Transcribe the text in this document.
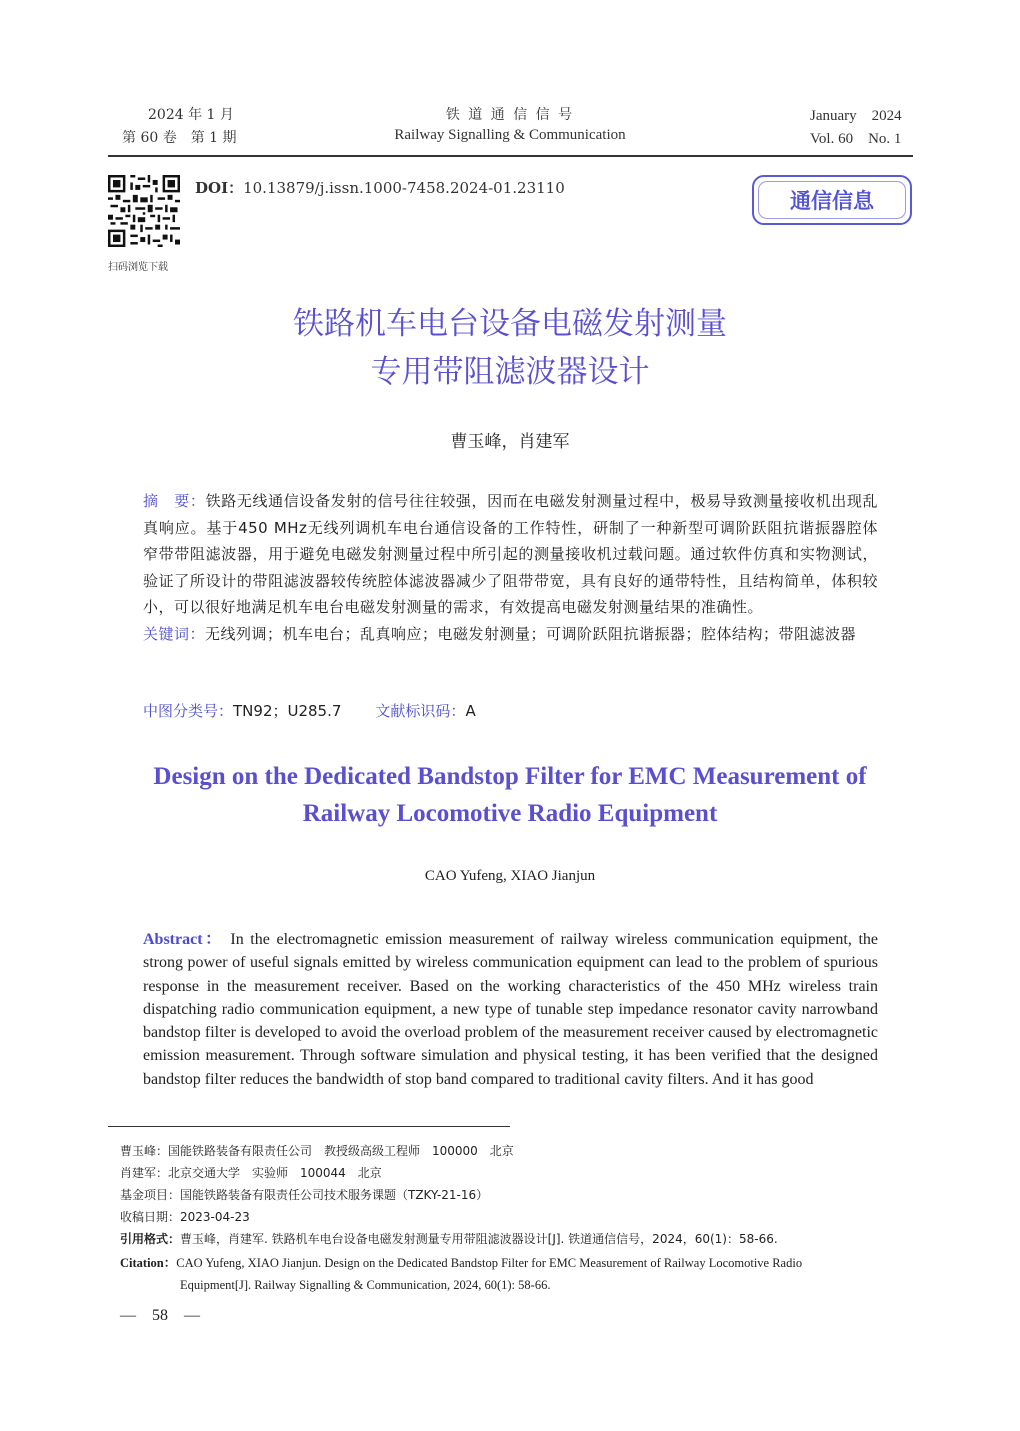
2024 年 1 月
第 60 卷　第 1 期
铁 道 通 信 信 号
Railway Signalling & Communication
January　2024
Vol. 60　No. 1
扫码浏览下载
DOI：10.13879/j.issn.1000-7458.2024-01.23110
通信信息
铁路机车电台设备电磁发射测量
专用带阻滤波器设计
曹玉峰，肖建军
摘　要：铁路无线通信设备发射的信号往往较强，因而在电磁发射测量过程中，极易导致测量接收机出现乱真响应。基于450 MHz无线列调机车电台通信设备的工作特性，研制了一种新型可调阶跃阻抗谐振器腔体窄带带阻滤波器，用于避免电磁发射测量过程中所引起的测量接收机过载问题。通过软件仿真和实物测试，验证了所设计的带阻滤波器较传统腔体滤波器减少了阻带带宽，具有良好的通带特性，且结构简单，体积较小，可以很好地满足机车电台电磁发射测量的需求，有效提高电磁发射测量结果的准确性。
关键词：无线列调；机车电台；乱真响应；电磁发射测量；可调阶跃阻抗谐振器；腔体结构；带阻滤波器
中图分类号：TN92；U285.7 文献标识码：A
Design on the Dedicated Bandstop Filter for EMC Measurement of
Railway Locomotive Radio Equipment
CAO Yufeng, XIAO Jianjun
Abstract： In the electromagnetic emission measurement of railway wireless communication equipment, the strong power of useful signals emitted by wireless communication equipment can lead to the problem of spurious response in the measurement receiver. Based on the working characteristics of the 450 MHz wireless train dispatching radio communication equipment, a new type of tunable step impedance resonator cavity narrowband bandstop filter is developed to avoid the overload problem of the measurement receiver caused by electromagnetic emission measurement. Through software simulation and physical testing, it has been verified that the designed bandstop filter reduces the bandwidth of stop band compared to traditional cavity filters. And it has good
曹玉峰：国能铁路装备有限责任公司　教授级高级工程师　100000　北京
肖建军：北京交通大学　实验师　100044　北京
基金项目：国能铁路装备有限责任公司技术服务课题（TZKY-21-16）
收稿日期：2023-04-23
引用格式：曹玉峰，肖建军. 铁路机车电台设备电磁发射测量专用带阻滤波器设计[J]. 铁道通信信号，2024，60(1)：58-66.
Citation：CAO Yufeng, XIAO Jianjun. Design on the Dedicated Bandstop Filter for EMC Measurement of Railway Locomotive Radio
Equipment[J]. Railway Signalling & Communication, 2024, 60(1): 58-66.
—　58　—
